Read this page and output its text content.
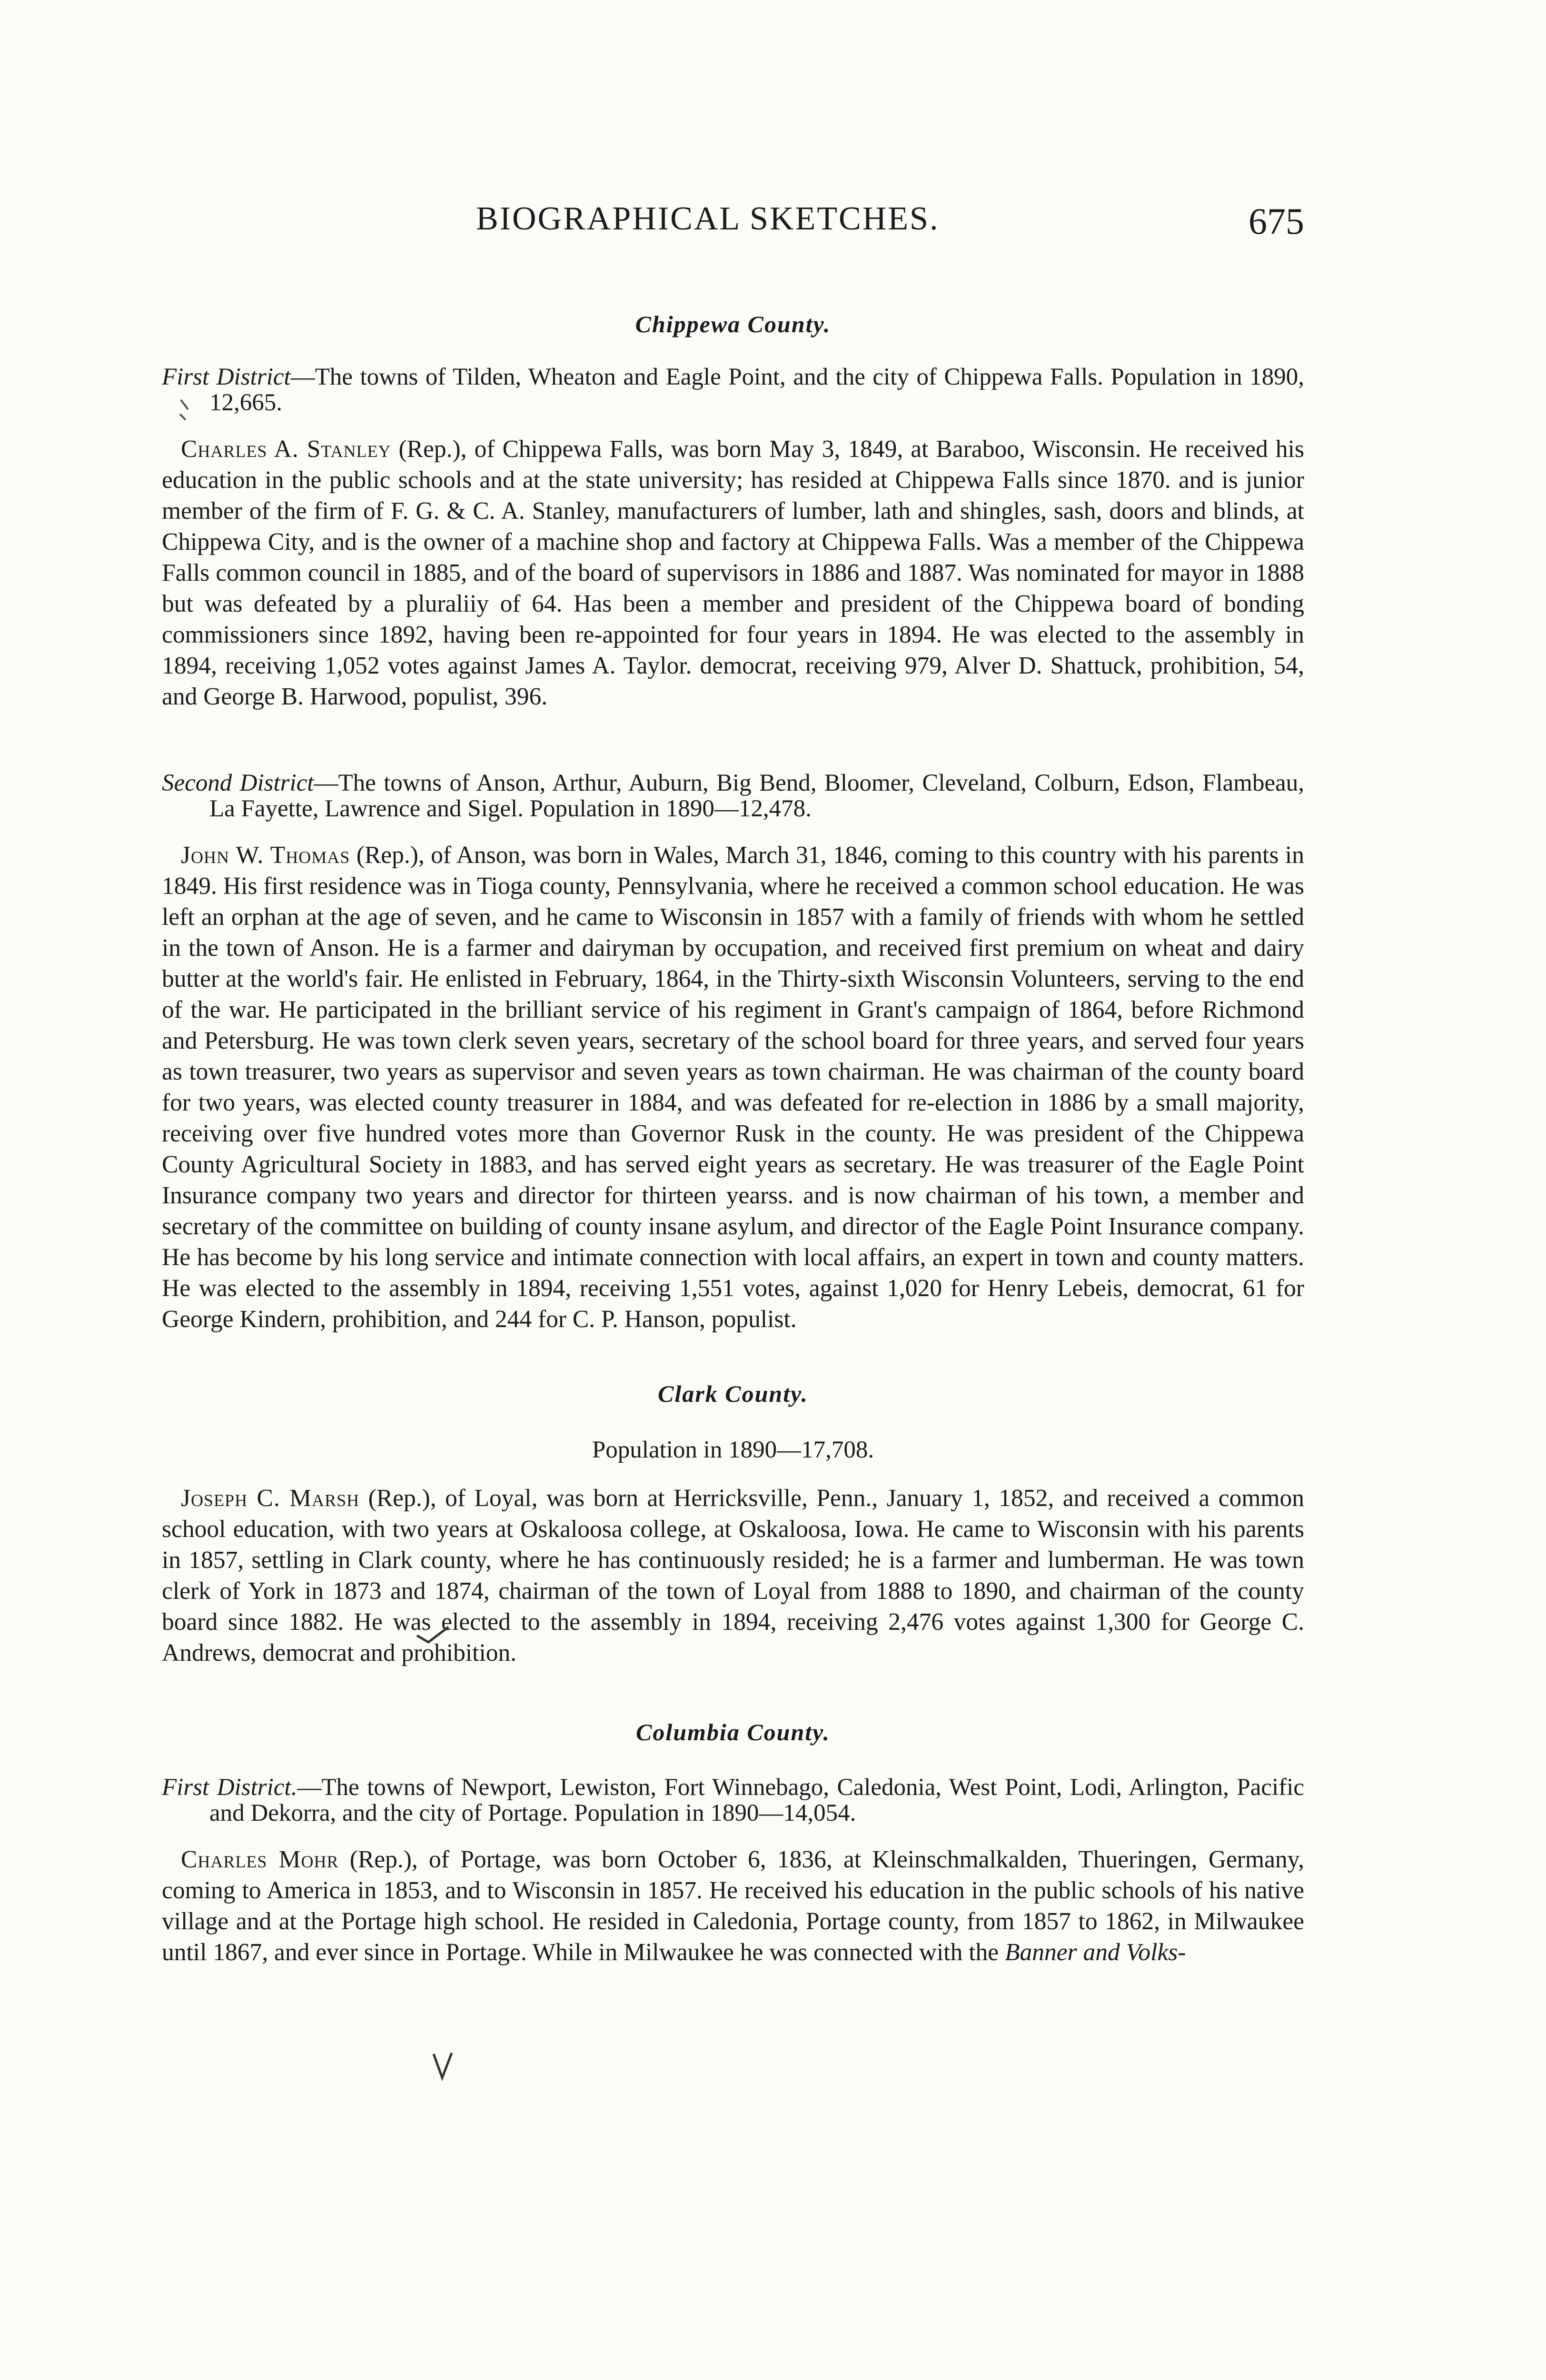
BIOGRAPHICAL SKETCHES.	675

Chippewa County.

First District—The towns of Tilden, Wheaton and Eagle Point, and the city of Chippewa Falls. Population in 1890, 12,665.

Charles A. Stanley (Rep.), of Chippewa Falls, was born May 3, 1849, at Baraboo, Wisconsin. He received his education in the public schools and at the state university; has resided at Chippewa Falls since 1870. and is junior member of the firm of F. G. & C. A. Stanley, manufacturers of lumber, lath and shingles, sash, doors and blinds, at Chippewa City, and is the owner of a machine shop and factory at Chippewa Falls. Was a member of the Chippewa Falls common council in 1885, and of the board of supervisors in 1886 and 1887. Was nominated for mayor in 1888 but was defeated by a pluraliiy of 64. Has been a member and president of the Chippewa board of bonding commissioners since 1892, having been re-appointed for four years in 1894. He was elected to the assembly in 1894, receiving 1,052 votes against James A. Taylor. democrat, receiving 979, Alver D. Shattuck, prohibition, 54, and George B. Harwood, populist, 396.

Second District—The towns of Anson, Arthur, Auburn, Big Bend, Bloomer, Cleveland, Colburn, Edson, Flambeau, La Fayette, Lawrence and Sigel. Population in 1890—12,478.

John W. Thomas (Rep.), of Anson, was born in Wales, March 31, 1846, coming to this country with his parents in 1849. His first residence was in Tioga county, Pennsylvania, where he received a common school education. He was left an orphan at the age of seven, and he came to Wisconsin in 1857 with a family of friends with whom he settled in the town of Anson. He is a farmer and dairyman by occupation, and received first premium on wheat and dairy butter at the world's fair. He enlisted in February, 1864, in the Thirty-sixth Wisconsin Volunteers, serving to the end of the war. He participated in the brilliant service of his regiment in Grant's campaign of 1864, before Richmond and Petersburg. He was town clerk seven years, secretary of the school board for three years, and served four years as town treasurer, two years as supervisor and seven years as town chairman. He was chairman of the county board for two years, was elected county treasurer in 1884, and was defeated for re-election in 1886 by a small majority, receiving over five hundred votes more than Governor Rusk in the county. He was president of the Chippewa County Agricultural Society in 1883, and has served eight years as secretary. He was treasurer of the Eagle Point Insurance company two years and director for thirteen yearss. and is now chairman of his town, a member and secretary of the committee on building of county insane asylum, and director of the Eagle Point Insurance company. He has become by his long service and intimate connection with local affairs, an expert in town and county matters. He was elected to the assembly in 1894, receiving 1,551 votes, against 1,020 for Henry Lebeis, democrat, 61 for George Kindern, prohibition, and 244 for C. P. Hanson, populist.

Clark County.

Population in 1890—17,708.

Joseph C. Marsh (Rep.), of Loyal, was born at Herricksville, Penn., January 1, 1852, and received a common school education, with two years at Oskaloosa college, at Oskaloosa, Iowa. He came to Wisconsin with his parents in 1857, settling in Clark county, where he has continuously resided; he is a farmer and lumberman. He was town clerk of York in 1873 and 1874, chairman of the town of Loyal from 1888 to 1890, and chairman of the county board since 1882. He was elected to the assembly in 1894, receiving 2,476 votes against 1,300 for George C. Andrews, democrat and prohibition.

Columbia County.

First District.—The towns of Newport, Lewiston, Fort Winnebago, Caledonia, West Point, Lodi, Arlington, Pacific and Dekorra, and the city of Portage. Population in 1890—14,054.

Charles Mohr (Rep.), of Portage, was born October 6, 1836, at Kleinschmalkalden, Thueringen, Germany, coming to America in 1853, and to Wisconsin in 1857. He received his education in the public schools of his native village and at the Portage high school. He resided in Caledonia, Portage county, from 1857 to 1862, in Milwaukee until 1867, and ever since in Portage. While in Milwaukee he was connected with the Banner and Volks-
